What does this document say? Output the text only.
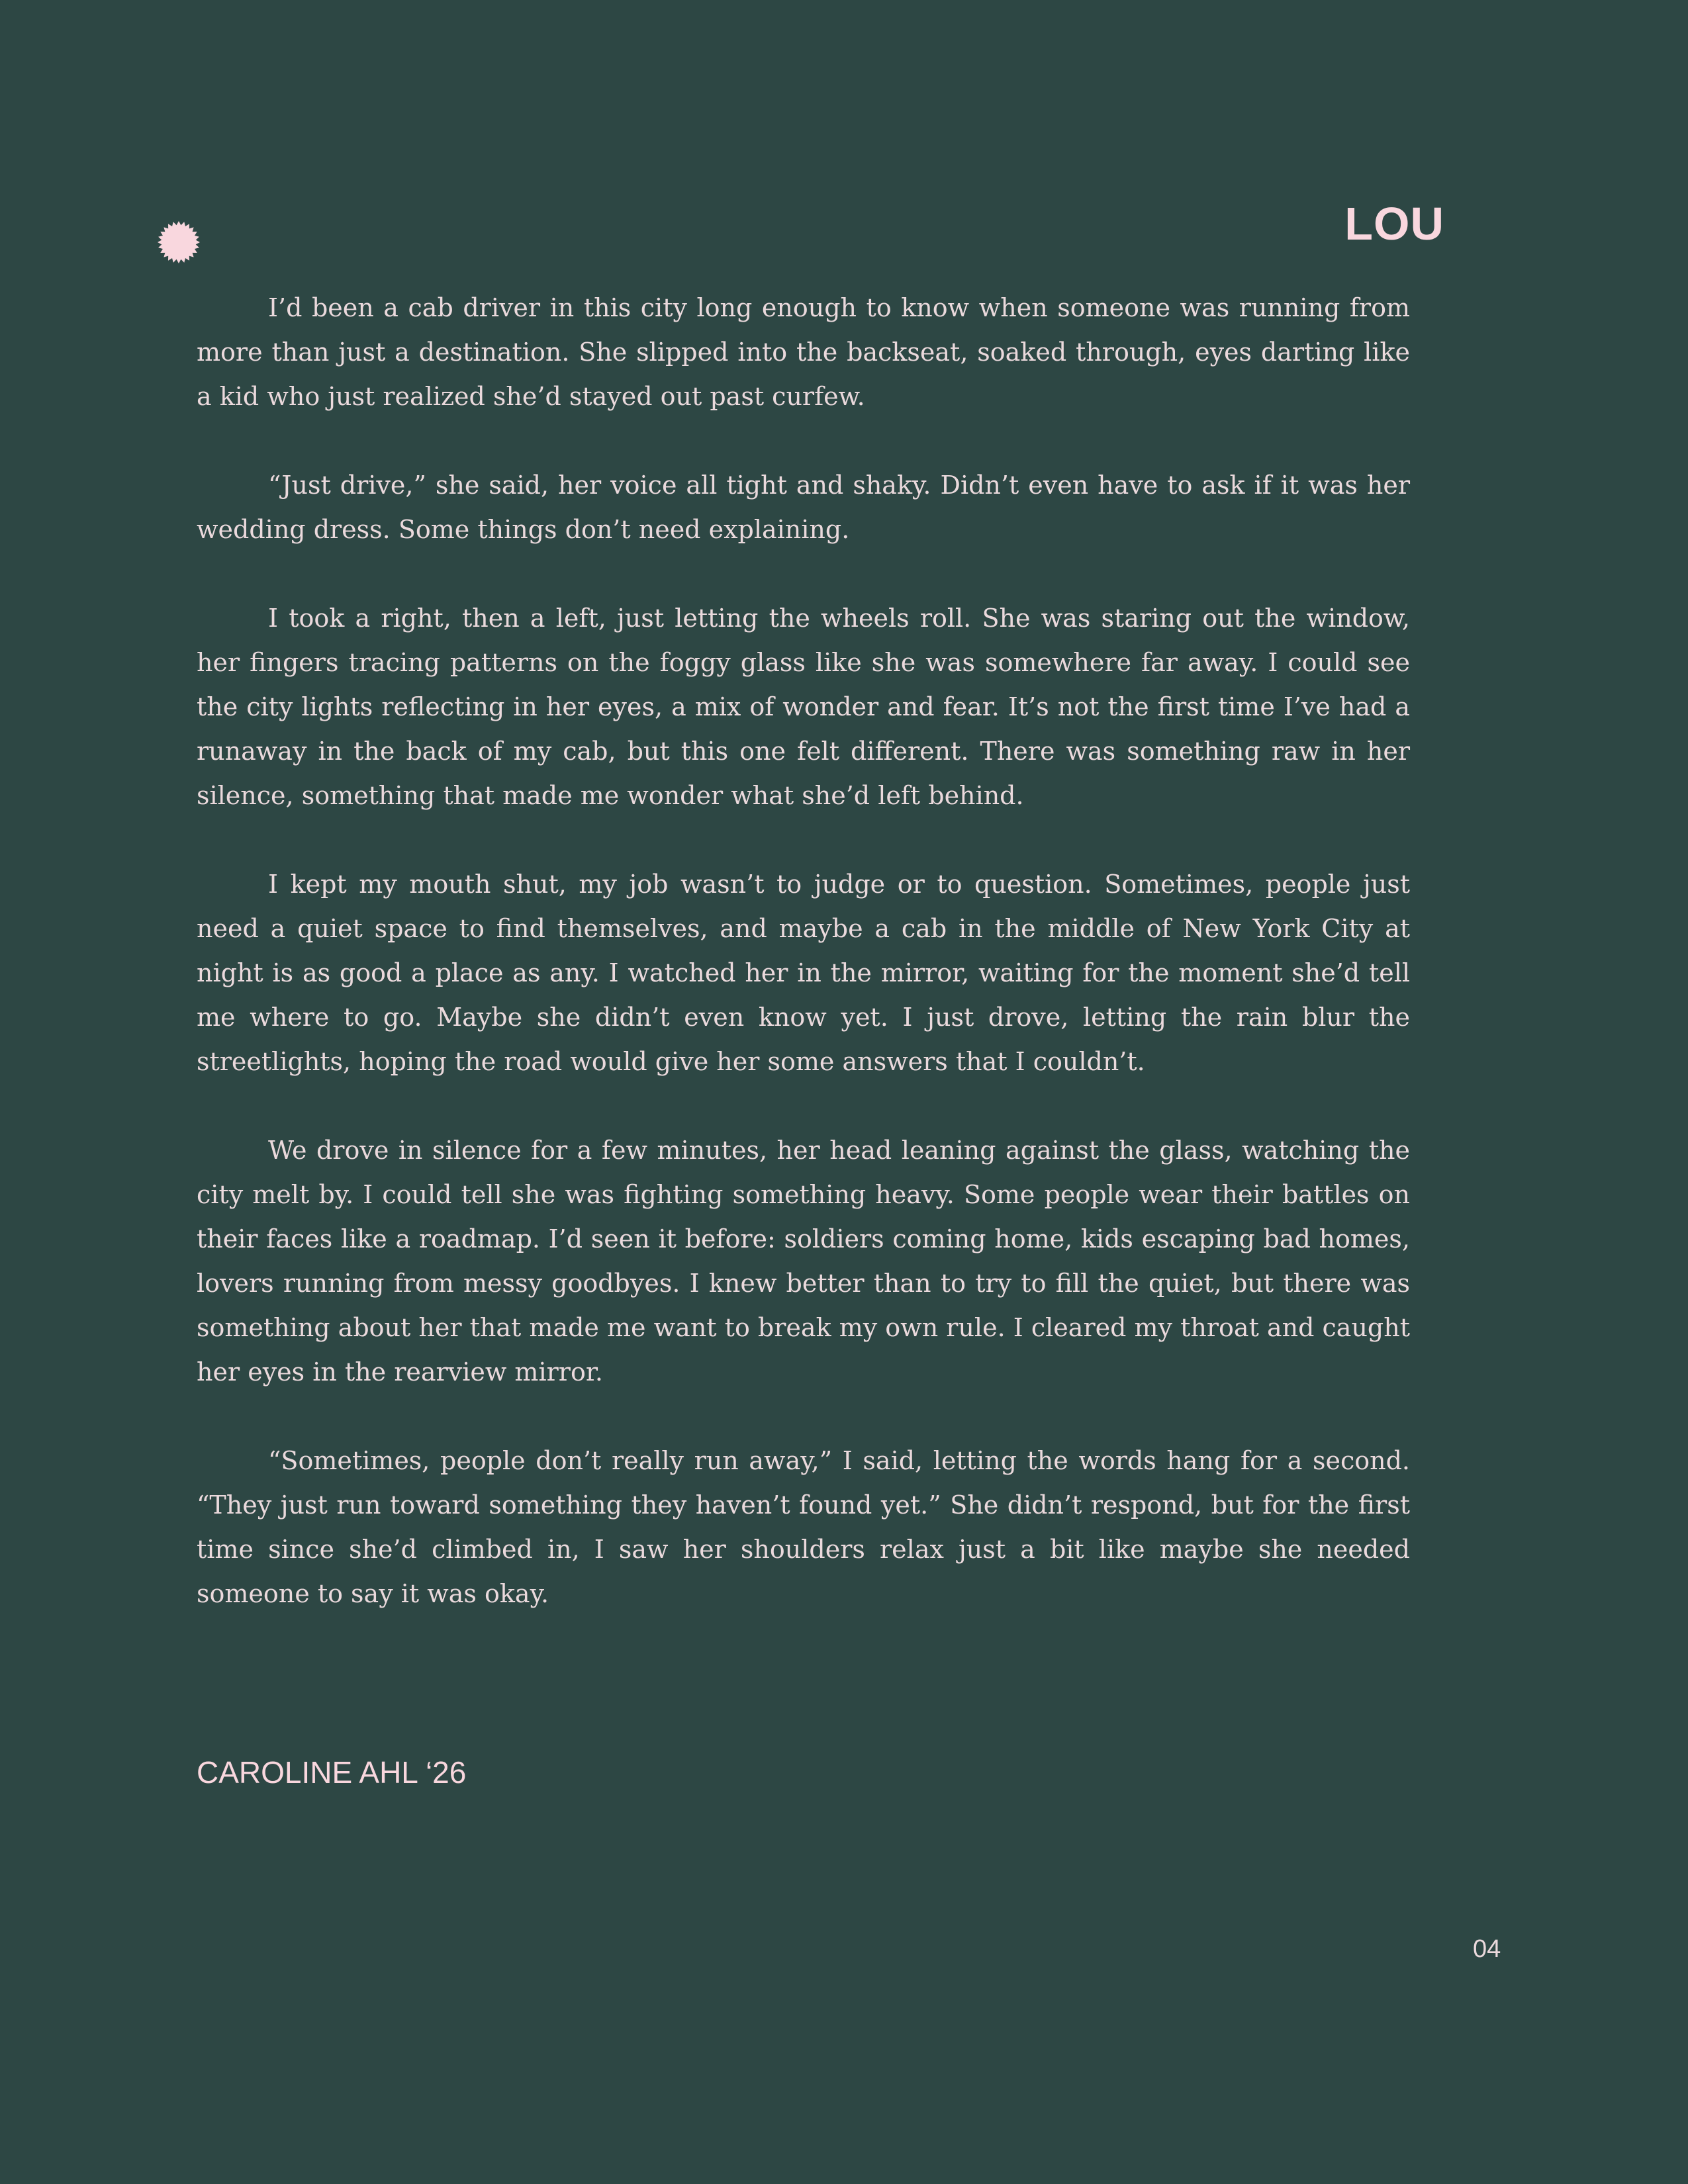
LOU

I’d been a cab driver in this city long enough to know when someone was running from more than just a destination. She slipped into the backseat, soaked through, eyes darting like a kid who just realized she’d stayed out past curfew.

“Just drive,” she said, her voice all tight and shaky. Didn’t even have to ask if it was her wedding dress. Some things don’t need explaining.

I took a right, then a left, just letting the wheels roll. She was staring out the window, her fingers tracing patterns on the foggy glass like she was somewhere far away. I could see the city lights reflecting in her eyes, a mix of wonder and fear. It’s not the first time I’ve had a runaway in the back of my cab, but this one felt different. There was something raw in her silence, something that made me wonder what she’d left behind.

I kept my mouth shut, my job wasn’t to judge or to question. Sometimes, people just need a quiet space to find themselves, and maybe a cab in the middle of New York City at night is as good a place as any. I watched her in the mirror, waiting for the moment she’d tell me where to go. Maybe she didn’t even know yet. I just drove, letting the rain blur the streetlights, hoping the road would give her some answers that I couldn’t.

We drove in silence for a few minutes, her head leaning against the glass, watching the city melt by. I could tell she was fighting something heavy. Some people wear their battles on their faces like a roadmap. I’d seen it before: soldiers coming home, kids escaping bad homes, lovers running from messy goodbyes. I knew better than to try to fill the quiet, but there was something about her that made me want to break my own rule. I cleared my throat and caught her eyes in the rearview mirror.

“Sometimes, people don’t really run away,” I said, letting the words hang for a second. “They just run toward something they haven’t found yet.” She didn’t respond, but for the first time since she’d climbed in, I saw her shoulders relax just a bit like maybe she needed someone to say it was okay.

CAROLINE AHL ‘26

04
